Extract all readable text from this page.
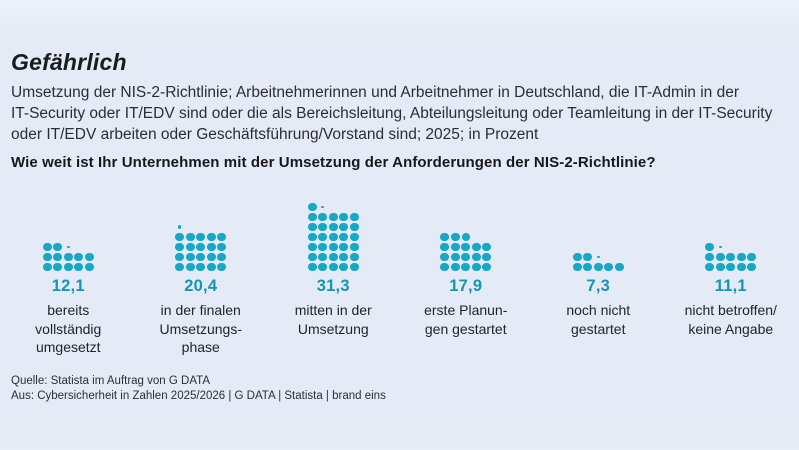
Gefährlich
Umsetzung der NIS-2-Richtlinie; Arbeitnehmerinnen und Arbeitnehmer in Deutschland, die IT-Admin in der
IT-Security oder IT/EDV sind oder die als Bereichsleitung, Abteilungsleitung oder Teamleitung in der IT-Security
oder IT/EDV arbeiten oder Geschäftsführung/Vorstand sind; 2025; in Prozent
Wie weit ist Ihr Unternehmen mit der Umsetzung der Anforderungen der NIS-2-Richtlinie?
12,1
bereits
vollständig
umgesetzt
20,4
in der finalen
Umsetzungs-
phase
31,3
mitten in der
Umsetzung
17,9
erste Planun-
gen gestartet
7,3
noch nicht
gestartet
11,1
nicht betroffen/
keine Angabe
Quelle: Statista im Auftrag von G DATA
Aus: Cybersicherheit in Zahlen 2025/2026 | G DATA | Statista | brand eins
